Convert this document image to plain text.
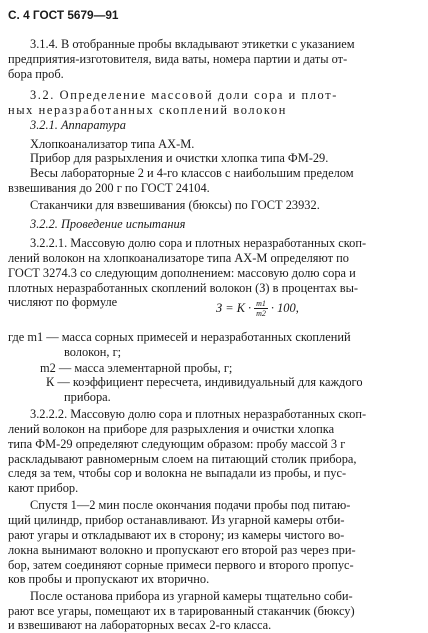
С. 4 ГОСТ 5679—91
3.1.4. В отобранные пробы вкладывают этикетки с указанием
предприятия-изготовителя, вида ваты, номера партии и даты от-
бора проб.
3.2. Определение массовой доли сора и плот-
ных неразработанных скоплений волокон
3.2.1. Аппаратура
Хлопкоанализатор типа АХ-М.
Прибор для разрыхления и очистки хлопка типа ФМ-29.
Весы лабораторные 2 и 4-го классов с наибольшим пределом
взвешивания до 200 г по ГОСТ 24104.
Стаканчики для взвешивания (бюксы) по ГОСТ 23932.
3.2.2. Проведение испытания
3.2.2.1. Массовую долю сора и плотных неразработанных скоп-
лений волокон на хлопкоанализаторе типа АХ-М определяют по
ГОСТ 3274.3 со следующим дополнением: массовую долю сора и
плотных неразработанных скоплений волокон (З) в процентах вы-
числяют по формуле	$З = К \cdot \frac{m1}{m2} \cdot 100$,
где m1 — масса сорных примесей и неразработанных скоплений
волокон, г;
m2 — масса элементарной пробы, г;
К — коэффициент пересчета, индивидуальный для каждого
прибора.
3.2.2.2. Массовую долю сора и плотных неразработанных скоп-
лений волокон на приборе для разрыхления и очистки хлопка
типа ФМ-29 определяют следующим образом: пробу массой 3 г
раскладывают равномерным слоем на питающий столик прибора,
следя за тем, чтобы сор и волокна не выпадали из пробы, и пус-
кают прибор.
Спустя 1—2 мин после окончания подачи пробы под питаю-
щий цилиндр, прибор останавливают. Из угарной камеры отби-
рают угары и откладывают их в сторону; из камеры чистого во-
локна вынимают волокно и пропускают его второй раз через при-
бор, затем соединяют сорные примеси первого и второго пропус-
ков пробы и пропускают их вторично.
После останова прибора из угарной камеры тщательно соби-
рают все угары, помещают их в тарированный стаканчик (бюксу)
и взвешивают на лабораторных весах 2-го класса.
